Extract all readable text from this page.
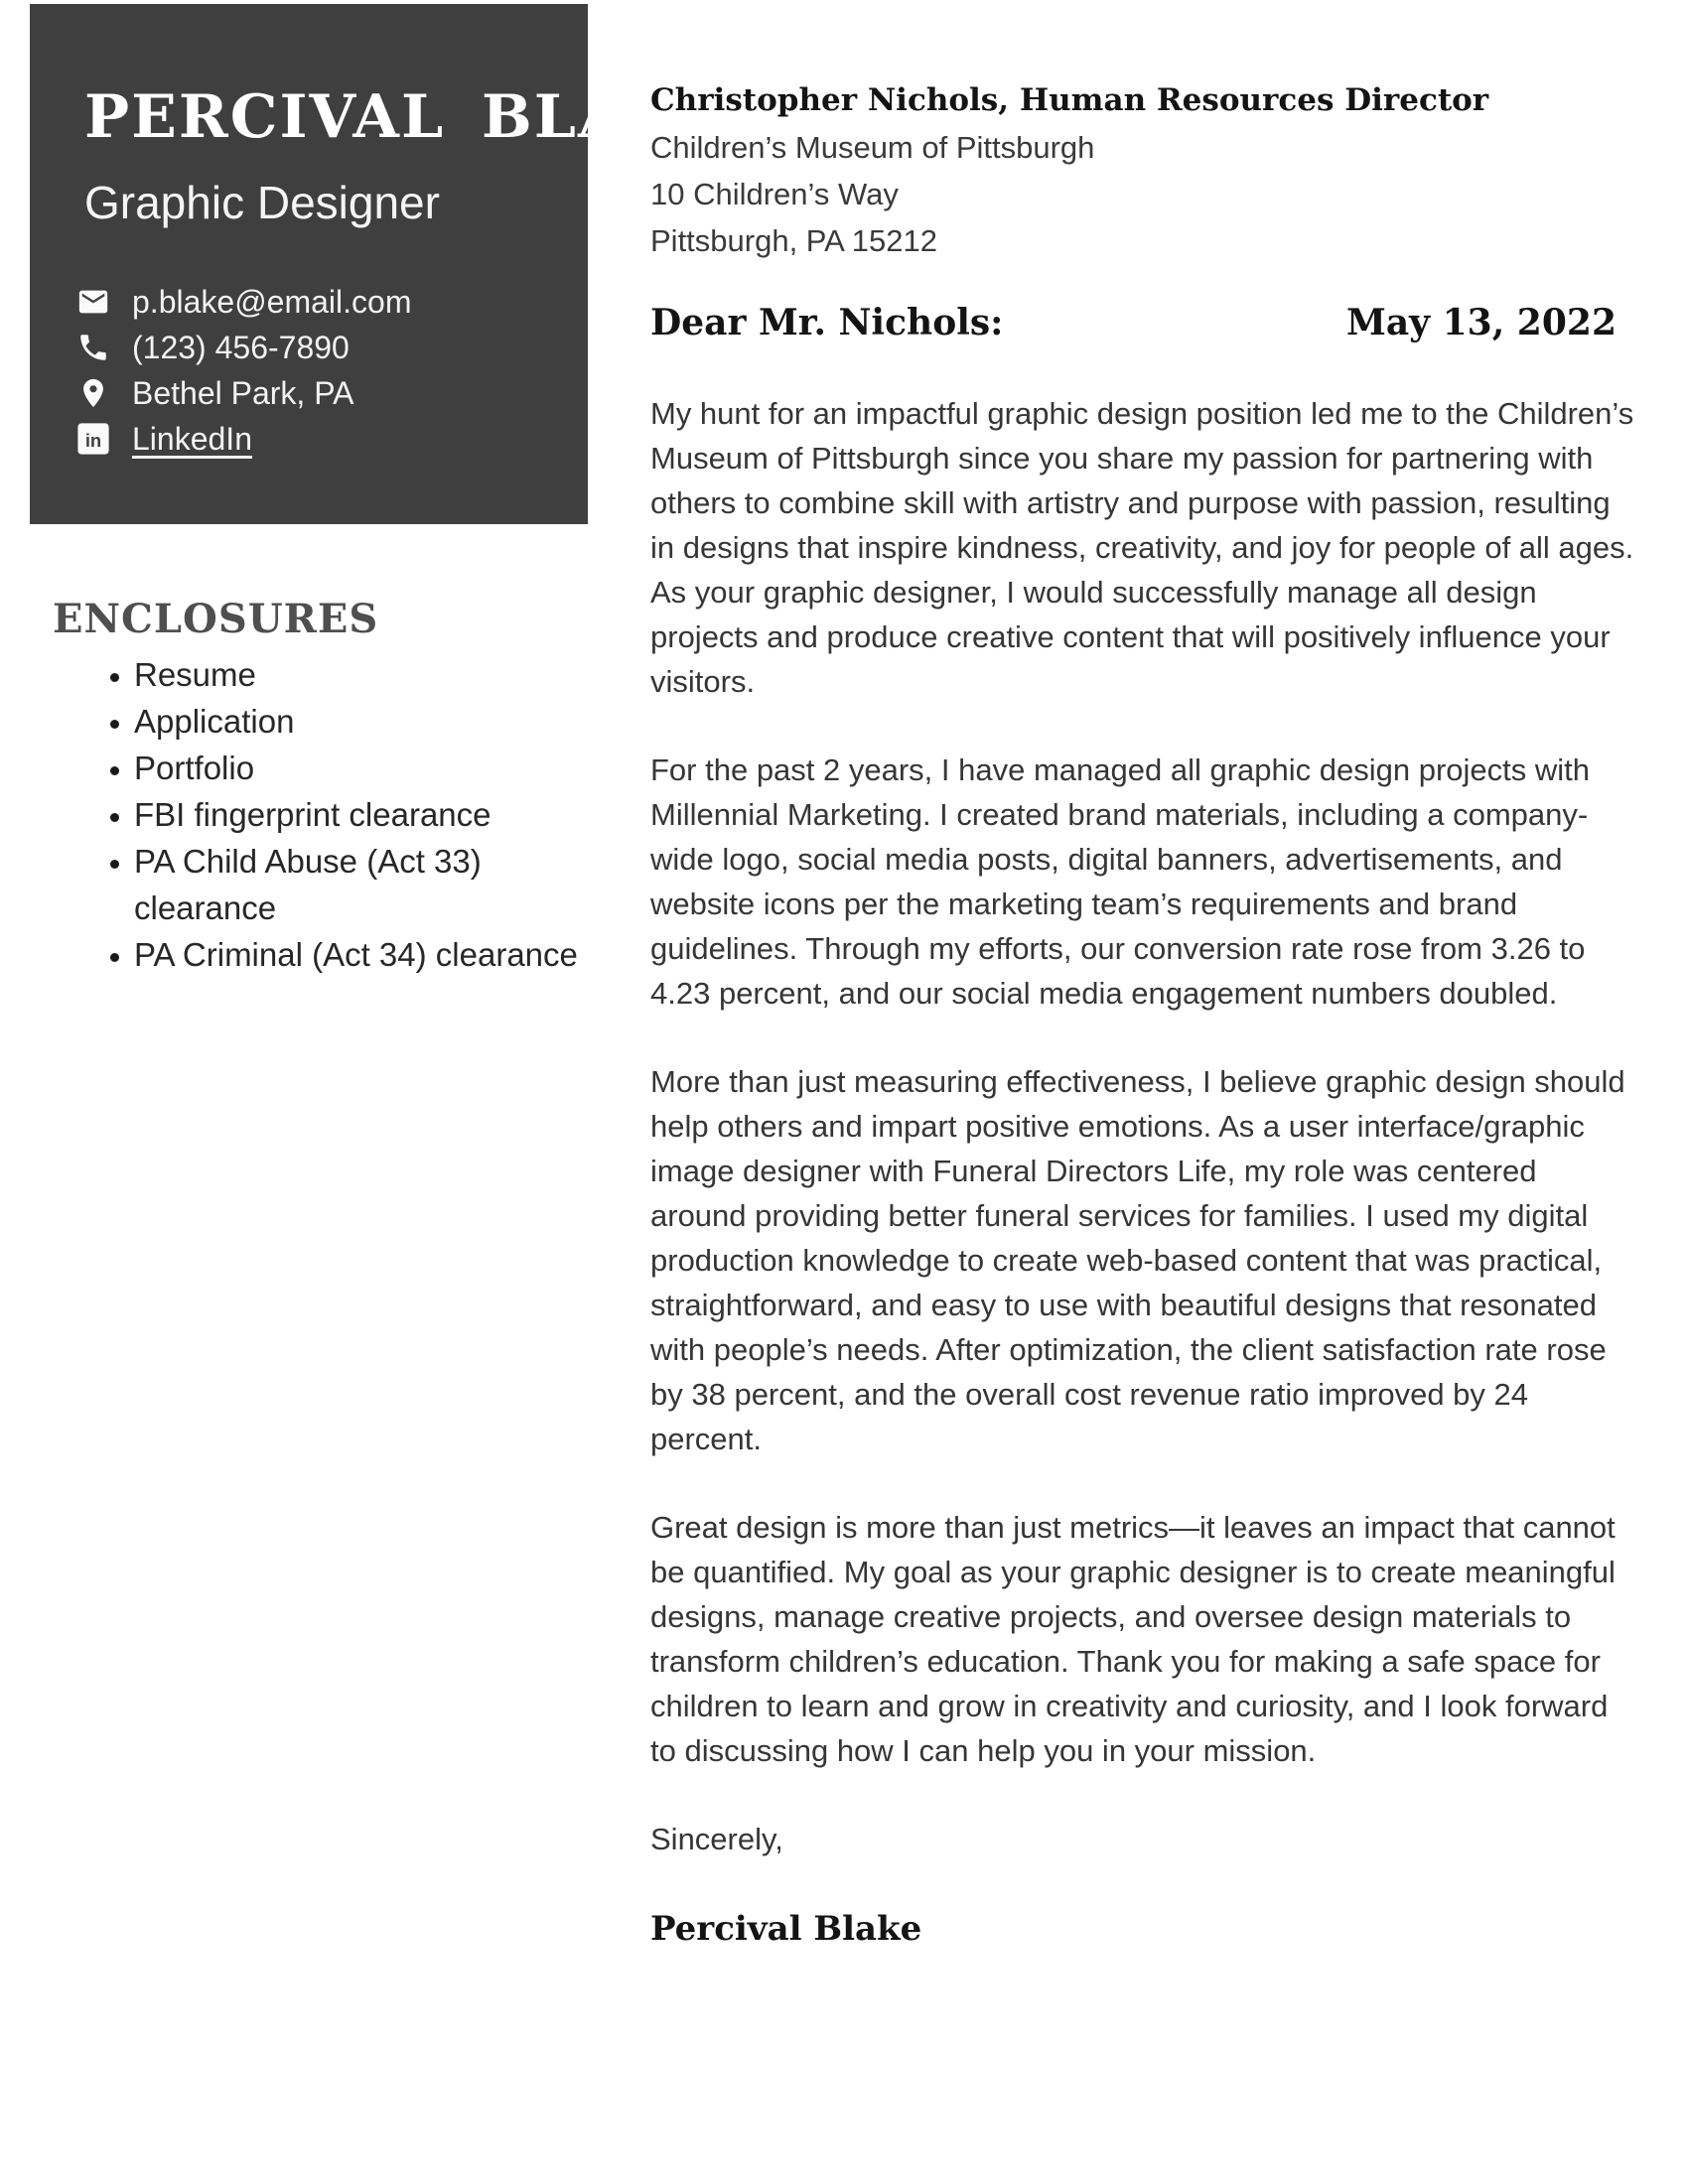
PERCIVAL BLAKE
Graphic Designer
p.blake@email.com
(123) 456-7890
Bethel Park, PA
in LinkedIn
ENCLOSURES
• Resume
• Application
• Portfolio
• FBI fingerprint clearance
• PA Child Abuse (Act 33) clearance
• PA Criminal (Act 34) clearance
Christopher Nichols, Human Resources Director
Children’s Museum of Pittsburgh
10 Children’s Way
Pittsburgh, PA 15212
Dear Mr. Nichols:	May 13, 2022

My hunt for an impactful graphic design position led me to the Children’s Museum of Pittsburgh since you share my passion for partnering with others to combine skill with artistry and purpose with passion, resulting in designs that inspire kindness, creativity, and joy for people of all ages. As your graphic designer, I would successfully manage all design projects and produce creative content that will positively influence your visitors.

For the past 2 years, I have managed all graphic design projects with Millennial Marketing. I created brand materials, including a company-wide logo, social media posts, digital banners, advertisements, and website icons per the marketing team’s requirements and brand guidelines. Through my efforts, our conversion rate rose from 3.26 to 4.23 percent, and our social media engagement numbers doubled.

More than just measuring effectiveness, I believe graphic design should help others and impart positive emotions. As a user interface/graphic image designer with Funeral Directors Life, my role was centered around providing better funeral services for families. I used my digital production knowledge to create web-based content that was practical, straightforward, and easy to use with beautiful designs that resonated with people’s needs. After optimization, the client satisfaction rate rose by 38 percent, and the overall cost revenue ratio improved by 24 percent.

Great design is more than just metrics—it leaves an impact that cannot be quantified. My goal as your graphic designer is to create meaningful designs, manage creative projects, and oversee design materials to transform children’s education. Thank you for making a safe space for children to learn and grow in creativity and curiosity, and I look forward to discussing how I can help you in your mission.

Sincerely,
Percival Blake
